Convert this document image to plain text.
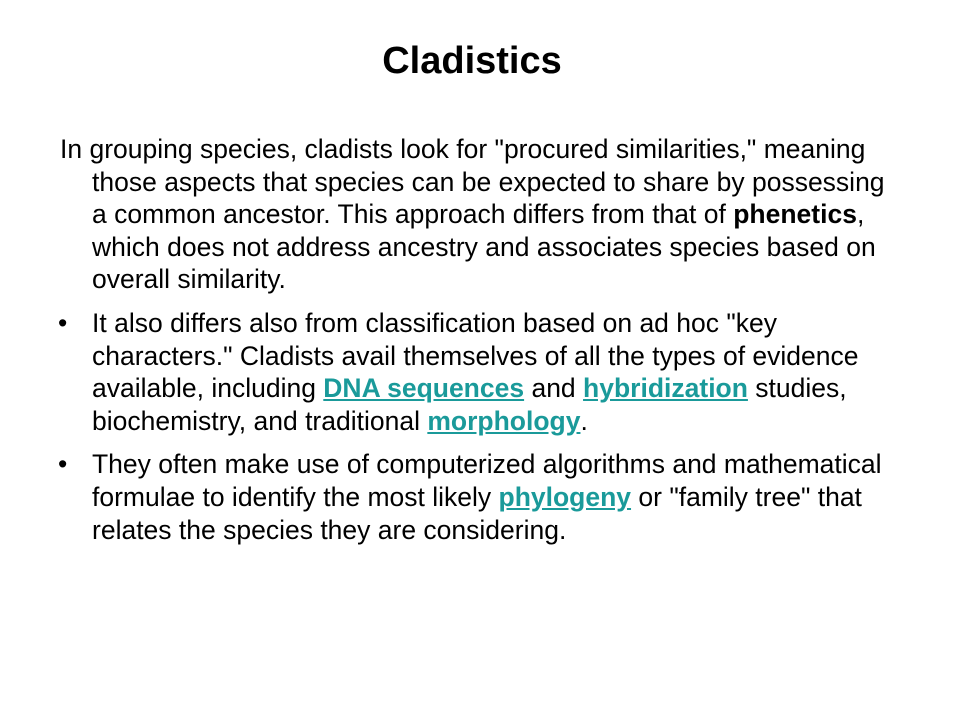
Cladistics
In grouping species, cladists look for "procured similarities," meaning those aspects that species can be expected to share by possessing a common ancestor. This approach differs from that of phenetics, which does not address ancestry and associates species based on overall similarity.
• It also differs also from classification based on ad hoc "key characters." Cladists avail themselves of all the types of evidence available, including DNA sequences and hybridization studies, biochemistry, and traditional morphology.
• They often make use of computerized algorithms and mathematical formulae to identify the most likely phylogeny or "family tree" that relates the species they are considering.
